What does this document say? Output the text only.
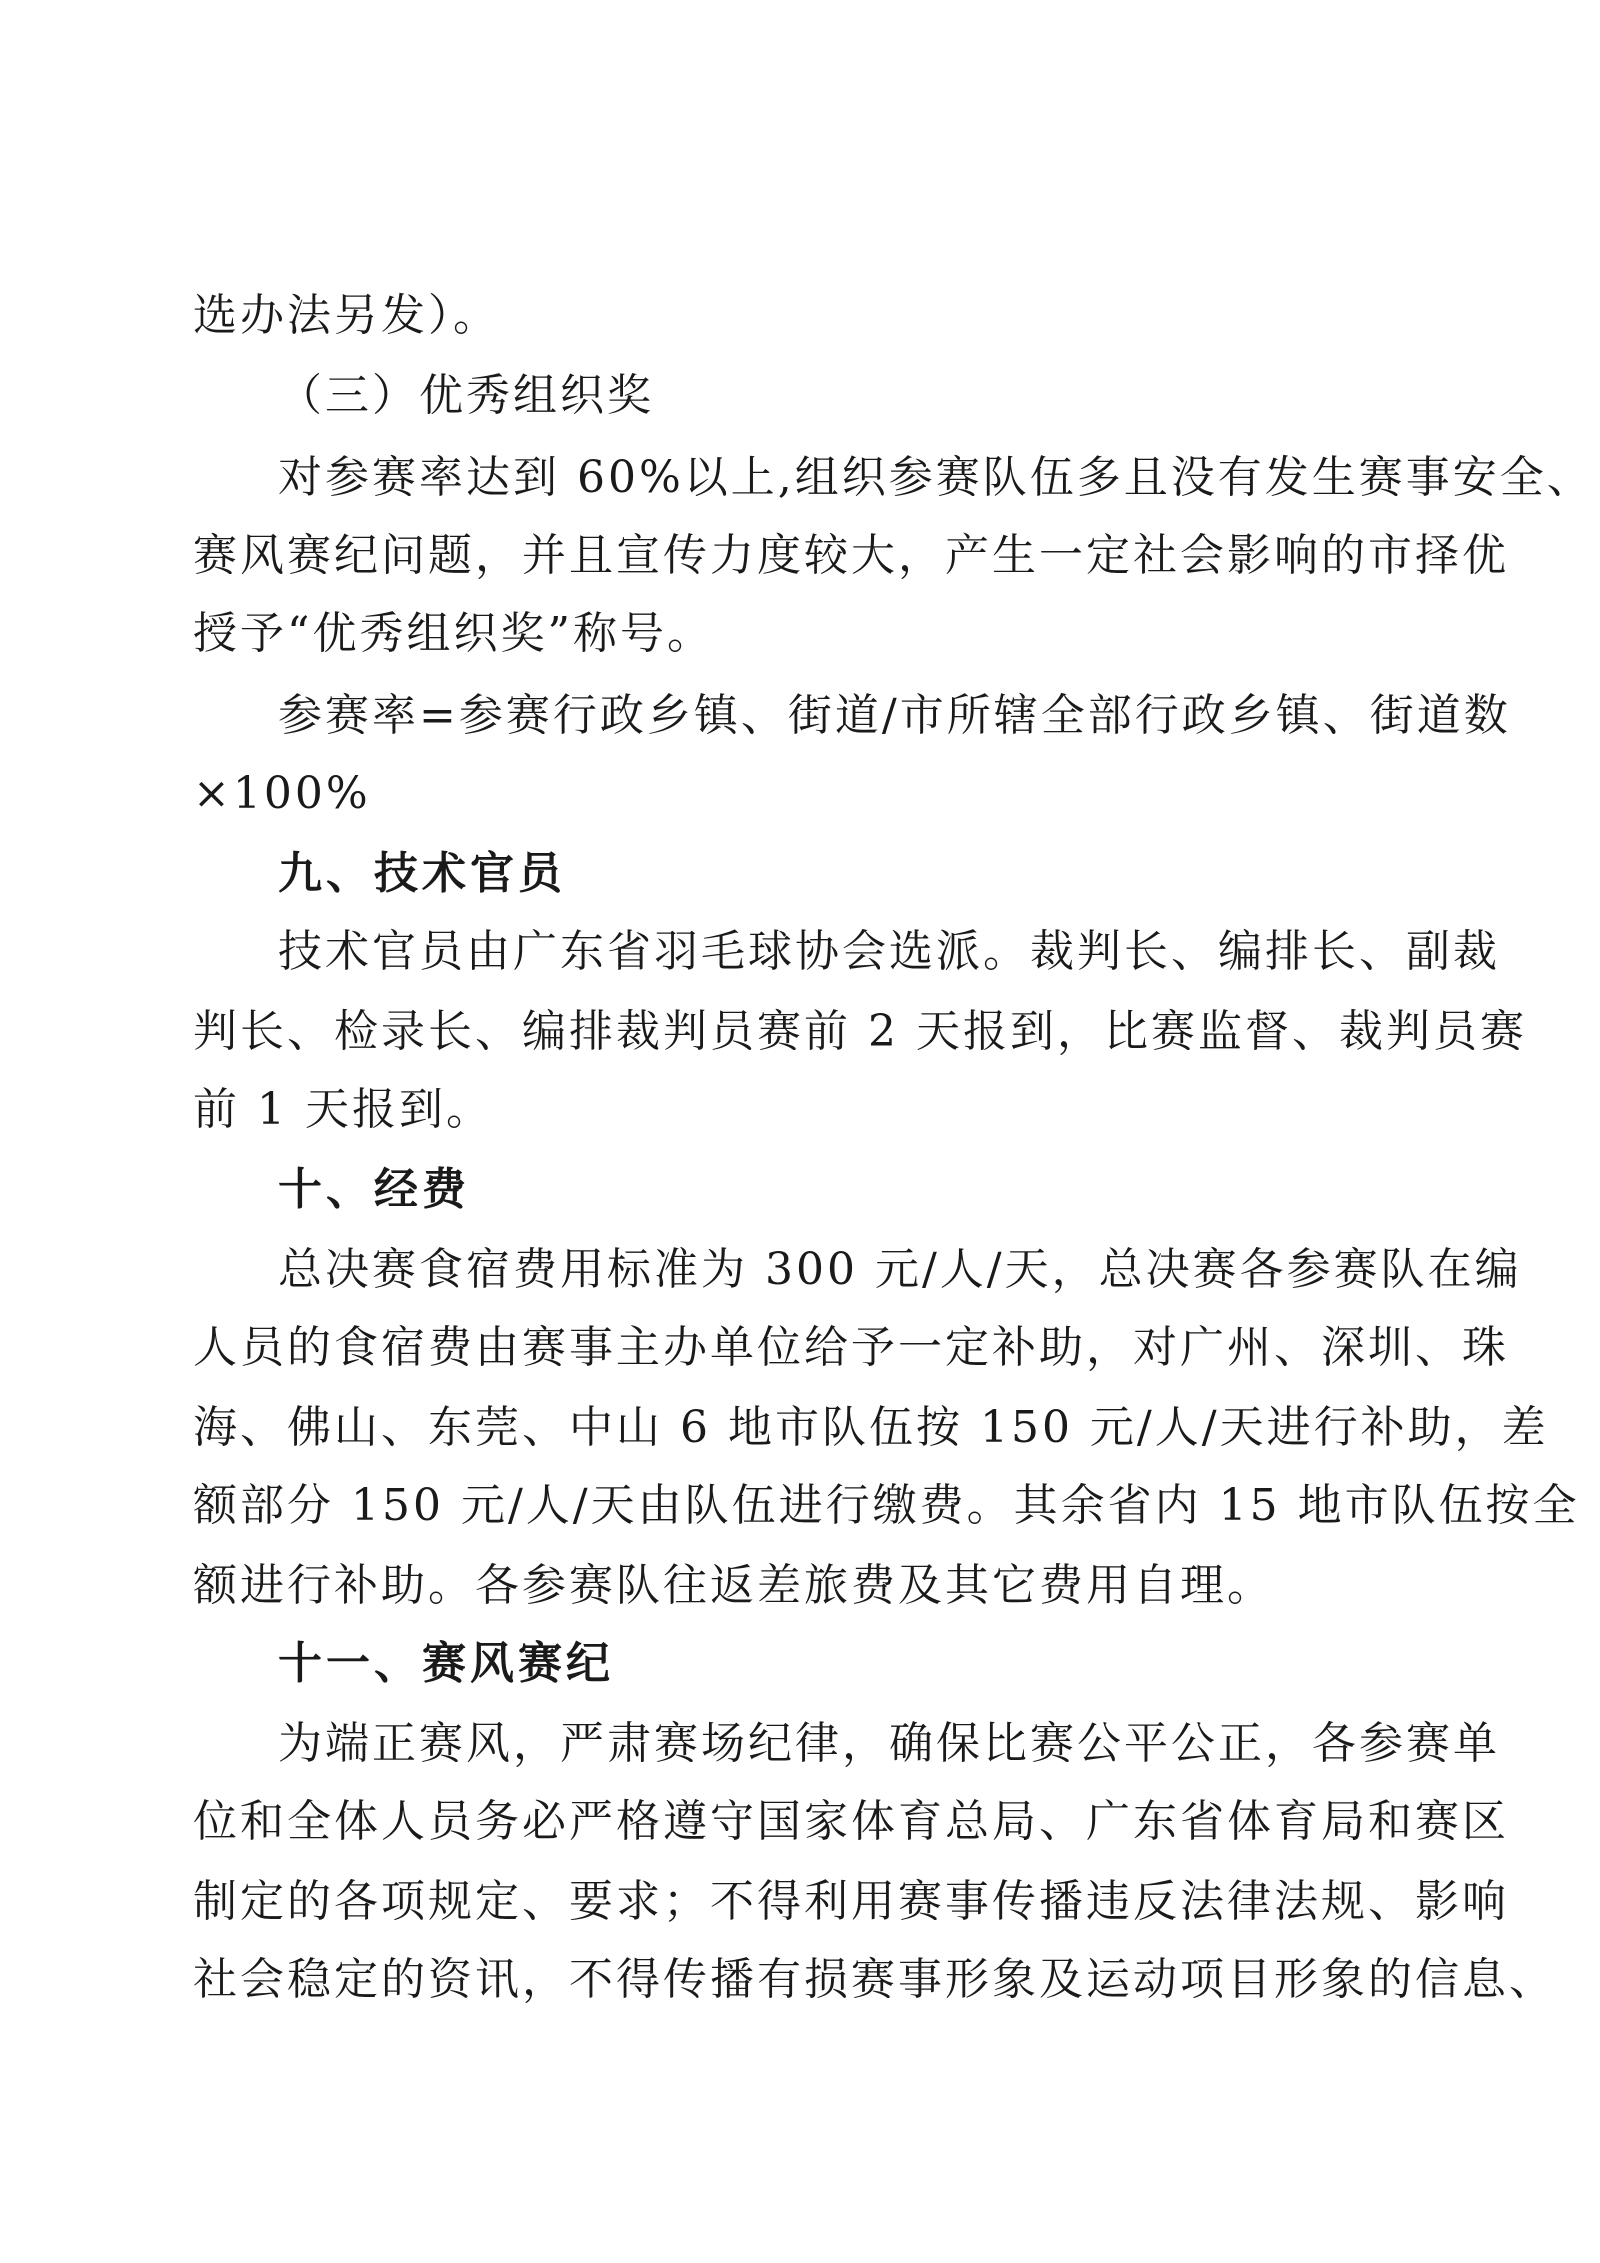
选办法另发）。
（三）优秀组织奖
对参赛率达到 60%以上,组织参赛队伍多且没有发生赛事安全、
赛风赛纪问题，并且宣传力度较大，产生一定社会影响的市择优
授予“优秀组织奖”称号。
参赛率=参赛行政乡镇、街道/市所辖全部行政乡镇、街道数
×100%
九、技术官员
技术官员由广东省羽毛球协会选派。裁判长、编排长、副裁
判长、检录长、编排裁判员赛前 2 天报到，比赛监督、裁判员赛
前 1 天报到。
十、经费
总决赛食宿费用标准为 300 元/人/天，总决赛各参赛队在编
人员的食宿费由赛事主办单位给予一定补助，对广州、深圳、珠
海、佛山、东莞、中山 6 地市队伍按 150 元/人/天进行补助，差
额部分 150 元/人/天由队伍进行缴费。其余省内 15 地市队伍按全
额进行补助。各参赛队往返差旅费及其它费用自理。
十一、赛风赛纪
为端正赛风，严肃赛场纪律，确保比赛公平公正，各参赛单
位和全体人员务必严格遵守国家体育总局、广东省体育局和赛区
制定的各项规定、要求；不得利用赛事传播违反法律法规、影响
社会稳定的资讯，不得传播有损赛事形象及运动项目形象的信息、
